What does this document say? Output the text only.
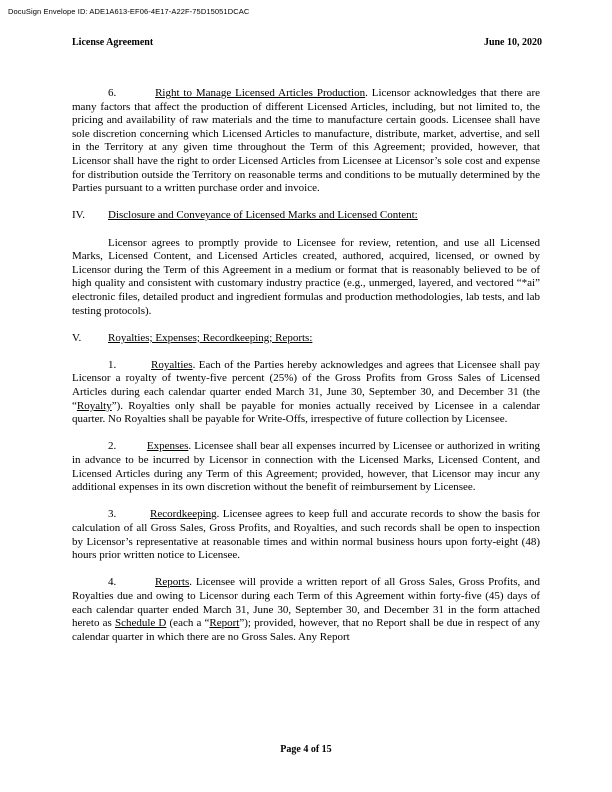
DocuSign Envelope ID: ADE1A613-EF06-4E17-A22F-75D15051DCAC
License Agreement	June 10, 2020

6.	Right to Manage Licensed Articles Production. Licensor acknowledges that there are many factors that affect the production of different Licensed Articles, including, but not limited to, the pricing and availability of raw materials and the time to manufacture certain goods. Licensee shall have sole discretion concerning which Licensed Articles to manufacture, distribute, market, advertise, and sell in the Territory at any given time throughout the Term of this Agreement; provided, however, that Licensor shall have the right to order Licensed Articles from Licensee at Licensor’s sole cost and expense for distribution outside the Territory on reasonable terms and conditions to be mutually determined by the Parties pursuant to a written purchase order and invoice.

IV. Disclosure and Conveyance of Licensed Marks and Licensed Content:

Licensor agrees to promptly provide to Licensee for review, retention, and use all Licensed Marks, Licensed Content, and Licensed Articles created, authored, acquired, licensed, or owned by Licensor during the Term of this Agreement in a medium or format that is reasonably believed to be of high quality and consistent with customary industry practice (e.g., unmerged, layered, and vectored “*ai” electronic files, detailed product and ingredient formulas and production methodologies, lab tests, and lab testing protocols).

V. Royalties; Expenses; Recordkeeping; Reports:

1.	Royalties. Each of the Parties hereby acknowledges and agrees that Licensee shall pay Licensor a royalty of twenty-five percent (25%) of the Gross Profits from Gross Sales of Licensed Articles during each calendar quarter ended March 31, June 30, September 30, and December 31 (the “Royalty”). Royalties only shall be payable for monies actually received by Licensee in a calendar quarter. No Royalties shall be payable for Write-Offs, irrespective of future collection by Licensee.

2.	Expenses. Licensee shall bear all expenses incurred by Licensee or authorized in writing in advance to be incurred by Licensor in connection with the Licensed Marks, Licensed Content, and Licensed Articles during any Term of this Agreement; provided, however, that Licensor may incur any additional expenses in its own discretion without the benefit of reimbursement by Licensee.

3.	Recordkeeping. Licensee agrees to keep full and accurate records to show the basis for calculation of all Gross Sales, Gross Profits, and Royalties, and such records shall be open to inspection by Licensor’s representative at reasonable times and within normal business hours upon forty-eight (48) hours prior written notice to Licensee.

4.	Reports. Licensee will provide a written report of all Gross Sales, Gross Profits, and Royalties due and owing to Licensor during each Term of this Agreement within forty-five (45) days of each calendar quarter ended March 31, June 30, September 30, and December 31 in the form attached hereto as Schedule D (each a “Report”); provided, however, that no Report shall be due in respect of any calendar quarter in which there are no Gross Sales. Any Report

Page 4 of 15
